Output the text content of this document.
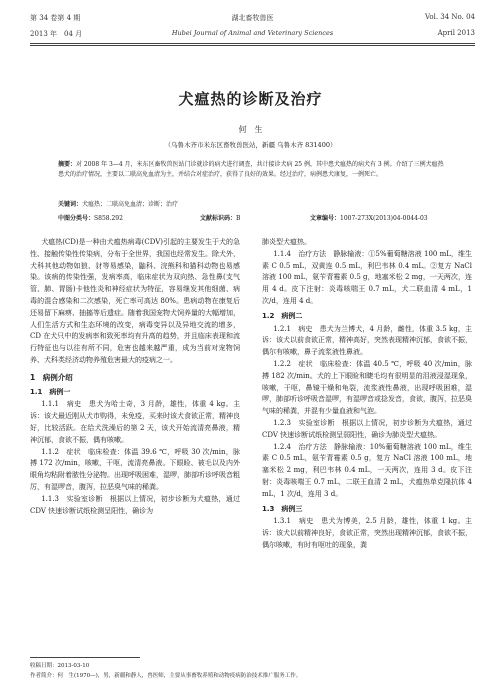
第 34 卷第 4 期	湖北畜牧兽医	Vol. 34 No. 04
2013 年　04 月	Hubei Journal of Animal and Veterinary Sciences	April 2013
犬瘟热的诊断及治疗
何　生
（乌鲁木齐市米东区畜牧兽医站，新疆 乌鲁木齐 831400）
摘要：对 2008 年 3—4 月，米东区畜牧兽医站门诊就诊的病犬进行调查，共计接诊犬病 25 例，其中患犬瘟热的病犬有 3 例。介绍了三例犬瘟热患犬的治疗情况，主要以二联高免血清为主，并结合对症治疗，获得了良好的效果。经过治疗，病例患犬康复，一例死亡。
关键词：犬瘟热；二联高免血清；诊断；治疗
中图分类号：S858.292	文献标识码：B	文章编号：1007-273X(2013)04-0044-03

犬瘟热(CD)是一种由犬瘟热病毒(CDV)引起的主要发生于犬的急性、接触传染性传染病，分布于全世界，我国也经常发生。除犬外，犬科其他动物如狼、豺等易感染，鼬科、浣熊科和猫科动物也易感染。该病的传染性强，发病率高，临床症状为双向热、急性鼻(支气管、肺、胃肠)卡他性炎和神经症状为特征，容易继发其他细菌、病毒的混合感染和二次感染，死亡率可高达 80%。患病动物在康复后还易留下麻痹、抽搐等后遗症。随着我国宠物犬饲养量的大幅增加，人们生活方式和生态环境的改变，病毒变异以及异地交流的增多，CD 在犬只中的发病率和致死率均有升高的趋势，并且临床表现和流行特征也与以往有所不同，危害也越来越严重，成为当前对宠物饲养、犬科类经济动物养殖危害最大的疫病之一。

1　病例介绍

1.1　病例一

1.1.1　病史　患犬为哈士奇，3 月龄，雄性，体重 4 kg。主诉：该犬最近刚从犬市购得，未免疫，买来时该犬食欲正常，精神良好，比较活跃。在给犬洗澡后的第 2 天，该犬开始流清亮鼻液，精神沉郁，食欲不振，偶有咳嗽。

1.1.2　症状　临床检查：体温 39.6 ℃，呼吸 30 次/min，脉搏 172 次/min，咳嗽，干呕，流清亮鼻液。下眼睑、被毛以及内外眼角均粘附着脓性分泌物。出现呼吸困难，湿啰，肺部听诊呼吸音粗厉，有湿啰音，腹泻，拉恶臭气味的稀粪。

1.1.3　实验室诊断　根据以上情况，初步诊断为犬瘟热，通过 CDV 快速诊断试纸检测呈阳性，确诊为

肺炎型犬瘟热。

1.1.4　治疗方法　静脉输液：①5%葡萄糖溶液 100 mL，维生素 C 0.5 mL，双黄连 0.5 mL，利巴韦林 0.4 mL。②复方 NaCl 溶液 100 mL，氨苄青霉素 0.5 g，地塞米松 2 mg，一天两次，连用 4 d。皮下注射：炎毒咳喘王 0.7 mL，犬二联血清 4 mL，1 次/d，连用 4 d。

1.2　病例二

1.2.1　病史　患犬为兰博犬，4 月龄，雌性，体重 3.5 kg，主诉：该犬以前食欲正常，精神高好，突然表现精神沉郁，食欲不振，偶尔有咳嗽，鼻子流浆液性鼻液。

1.2.2　症状　临床检查：体温 40.5 ℃，呼吸 40 次/min，脉搏 182 次/min。犬的上下眼睑和睫毛均有很明显的泪液浸湿现象，咳嗽，干呕，鼻镜干燥和龟裂，流浆液性鼻液，出现呼吸困难，湿啰，肺部听诊呼吸音湿啰，有湿啰音或捻发音，食欲，腹泻，拉恶臭气味的稀粪，并混有少量血液和气泡。

1.2.3　实验室诊断　根据以上情况，初步诊断为犬瘟热，通过 CDV 快速诊断试纸检测呈弱阳性，确诊为肺炎型犬瘟热。

1.2.4　治疗方法　静脉输液：10%葡萄糖溶液 100 mL，维生素 C 0.5 mL，氨苄青霉素 0.5 g，复方 NaCl 溶液 100 mL，地塞米松 2 mg，利巴韦林 0.4 mL，一天两次，连用 3 d。皮下注射：炎毒咳喘王 0.7 mL，二联王血清 2 mL，犬瘟热单克隆抗体 4 mL，1 次/d，连用 3 d。

1.3　病例三

1.3.1　病史　患犬为博美，2.5 月龄，雄性，体重 1 kg。主诉：该犬以前精神良好，食欲正常，突然出现精神沉郁，食欲不振，偶尔咳嗽，有时有呕吐的现象，粪

收稿日期：2013-03-10
作者简介：何　生(1970—)，男，新疆和静人，兽医师，主要从事畜牧养殖和动物疫病防治技术推广服务工作。
